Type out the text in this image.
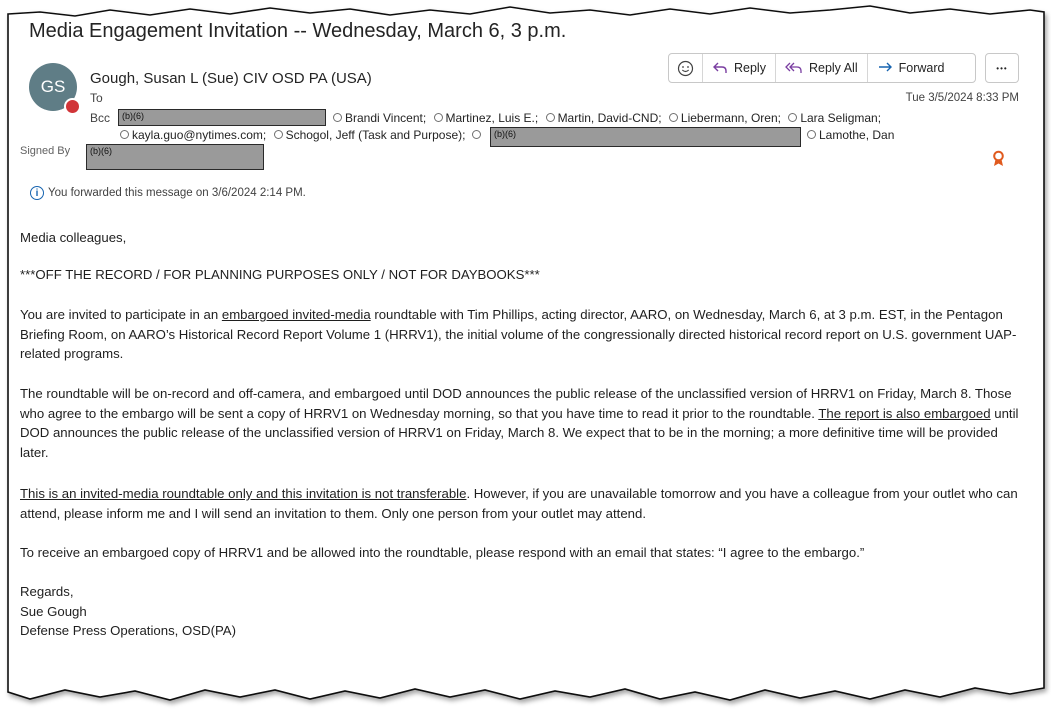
Media Engagement Invitation -- Wednesday, March 6, 3 p.m.
GS Gough, Susan L (Sue) CIV OSD PA (USA)
To
Bcc
Tue 3/5/2024 8:33 PM
(b)(6)
(b)(6)
(b)(6)
Brandi Vincent; Martinez, Luis E.; Martin, David-CND; Liebermann, Oren; Lara Seligman;
kayla.guo@nytimes.com; Schogol, Jeff (Task and Purpose);	Lamothe, Dan
Signed By
Reply	Reply All	Forward	•••
i You forwarded this message on 3/6/2024 2:14 PM.
Media colleagues,
***OFF THE RECORD / FOR PLANNING PURPOSES ONLY / NOT FOR DAYBOOKS***
You are invited to participate in an embargoed invited-media roundtable with Tim Phillips, acting director, AARO, on Wednesday, March 6, at 3 p.m. EST, in the Pentagon Briefing Room, on AARO’s Historical Record Report Volume 1 (HRRV1), the initial volume of the congressionally directed historical record report on U.S. government UAP-related programs.
The roundtable will be on-record and off-camera, and embargoed until DOD announces the public release of the unclassified version of HRRV1 on Friday, March 8. Those who agree to the embargo will be sent a copy of HRRV1 on Wednesday morning, so that you have time to read it prior to the roundtable. The report is also embargoed until DOD announces the public release of the unclassified version of HRRV1 on Friday, March 8. We expect that to be in the morning; a more definitive time will be provided later.
This is an invited-media roundtable only and this invitation is not transferable. However, if you are unavailable tomorrow and you have a colleague from your outlet who can attend, please inform me and I will send an invitation to them. Only one person from your outlet may attend.
To receive an embargoed copy of HRRV1 and be allowed into the roundtable, please respond with an email that states: “I agree to the embargo.”
Regards,
Sue Gough
Defense Press Operations, OSD(PA)
